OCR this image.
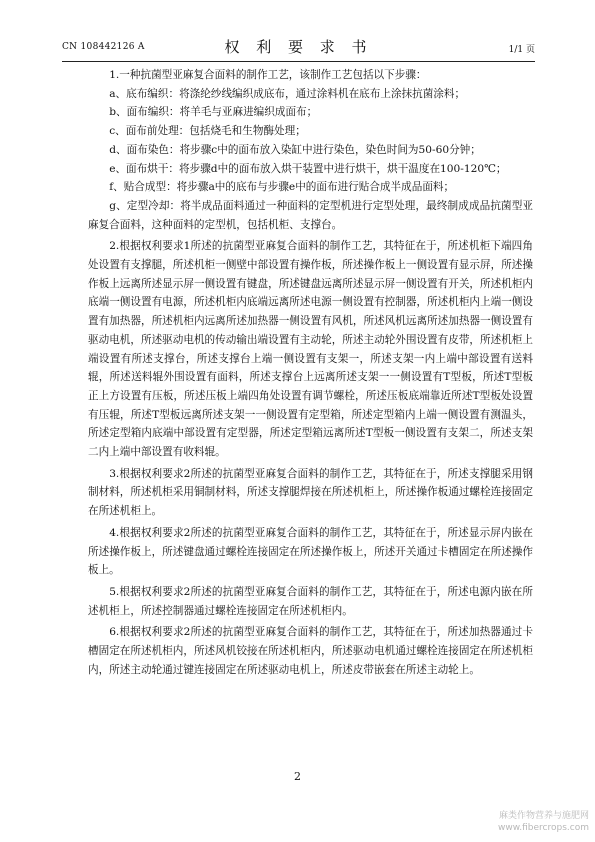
CN 108442126 A	权 利 要 求 书	1/1 页

1.一种抗菌型亚麻复合面料的制作工艺，该制作工艺包括以下步骤：

a、底布编织：将涤纶纱线编织成底布，通过涂料机在底布上涂抹抗菌涂料；

b、面布编织：将羊毛与亚麻进编织成面布；

c、面布前处理：包括烧毛和生物酶处理；

d、面布染色：将步骤c中的面布放入染缸中进行染色，染色时间为50-60分钟；

e、面布烘干：将步骤d中的面布放入烘干装置中进行烘干，烘干温度在100-120℃；

f、贴合成型：将步骤a中的底布与步骤e中的面布进行贴合成半成品面料；

g、定型冷却：将半成品面料通过一种面料的定型机进行定型处理，最终制成成品抗菌型亚麻复合面料，这种面料的定型机，包括机柜、支撑台。

2.根据权利要求1所述的抗菌型亚麻复合面料的制作工艺，其特征在于，所述机柜下端四角处设置有支撑腿，所述机柜一侧壁中部设置有操作板，所述操作板上一侧设置有显示屏，所述操作板上远离所述显示屏一侧设置有键盘，所述键盘远离所述显示屏一侧设置有开关，所述机柜内底端一侧设置有电源，所述机柜内底端远离所述电源一侧设置有控制器，所述机柜内上端一侧设置有加热器，所述机柜内远离所述加热器一侧设置有风机，所述风机远离所述加热器一侧设置有驱动电机，所述驱动电机的传动输出端设置有主动轮，所述主动轮外围设置有皮带，所述机柜上端设置有所述支撑台，所述支撑台上端一侧设置有支架一，所述支架一内上端中部设置有送料辊，所述送料辊外围设置有面料，所述支撑台上远离所述支架一一侧设置有T型板，所述T型板正上方设置有压板，所述压板上端四角处设置有调节螺栓，所述压板底端靠近所述T型板处设置有压辊，所述T型板远离所述支架一一侧设置有定型箱，所述定型箱内上端一侧设置有测温头，所述定型箱内底端中部设置有定型器，所述定型箱远离所述T型板一侧设置有支架二，所述支架二内上端中部设置有收料辊。

3.根据权利要求2所述的抗菌型亚麻复合面料的制作工艺，其特征在于，所述支撑腿采用钢制材料，所述机柜采用铜制材料，所述支撑腿焊接在所述机柜上，所述操作板通过螺栓连接固定在所述机柜上。

4.根据权利要求2所述的抗菌型亚麻复合面料的制作工艺，其特征在于，所述显示屏内嵌在所述操作板上，所述键盘通过螺栓连接固定在所述操作板上，所述开关通过卡槽固定在所述操作板上。

5.根据权利要求2所述的抗菌型亚麻复合面料的制作工艺，其特征在于，所述电源内嵌在所述机柜上，所述控制器通过螺栓连接固定在所述机柜内。

6.根据权利要求2所述的抗菌型亚麻复合面料的制作工艺，其特征在于，所述加热器通过卡槽固定在所述机柜内，所述风机铰接在所述机柜内，所述驱动电机通过螺栓连接固定在所述机柜内，所述主动轮通过键连接固定在所述驱动电机上，所述皮带嵌套在所述主动轮上。

2
麻类作物营养与施肥网
www.fibercrops.com
